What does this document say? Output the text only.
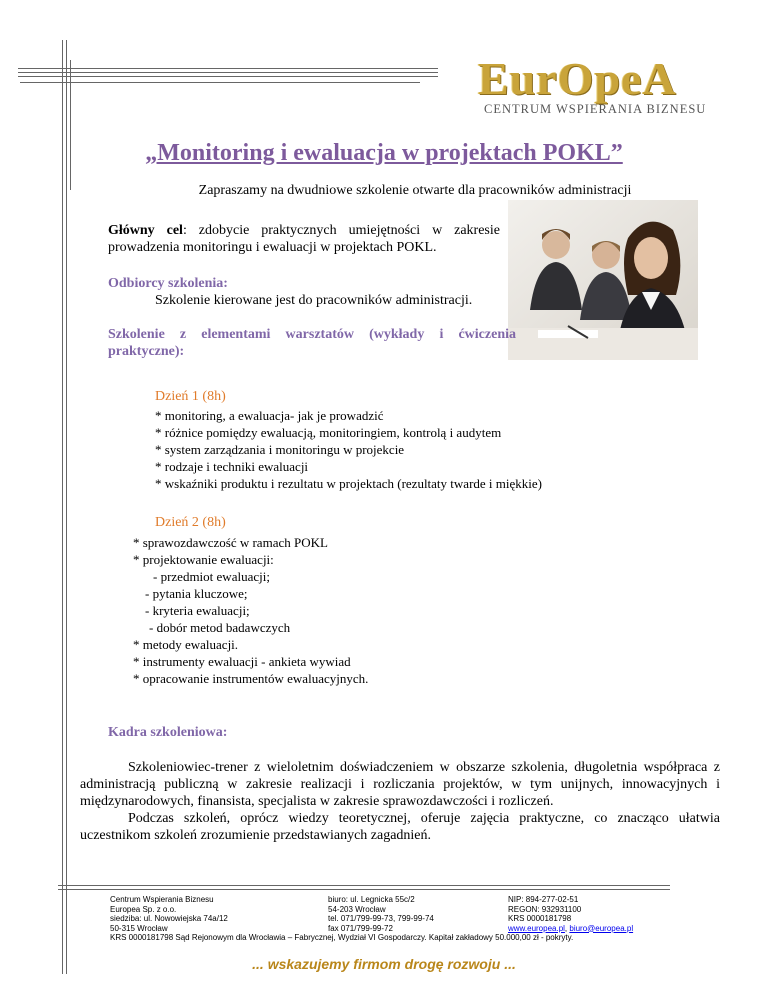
EurOpeA
CENTRUM WSPIERANIA BIZNESU
„Monitoring i ewaluacja w projektach POKL”
Zapraszamy na dwudniowe szkolenie otwarte dla pracowników administracji
Główny cel: zdobycie praktycznych umiejętności w zakresie prowadzenia monitoringu i ewaluacji w projektach POKL.
Odbiorcy szkolenia:
Szkolenie kierowane jest do pracowników administracji.
Szkolenie z elementami warsztatów (wykłady i ćwiczenia
praktyczne):
Dzień 1 (8h)
* monitoring, a ewaluacja- jak je prowadzić
* różnice pomiędzy ewaluacją, monitoringiem, kontrolą i audytem
* system zarządzania i monitoringu w projekcie
* rodzaje i techniki ewaluacji
* wskaźniki produktu i rezultatu w projektach (rezultaty twarde i miękkie)
Dzień 2 (8h)
* sprawozdawczość w ramach POKL
* projektowanie ewaluacji:
- przedmiot ewaluacji;
- pytania kluczowe;
- kryteria ewaluacji;
- dobór metod badawczych
* metody ewaluacji.
* instrumenty ewaluacji - ankieta wywiad
* opracowanie instrumentów ewaluacyjnych.
Kadra szkoleniowa:

Szkoleniowiec-trener z wieloletnim doświadczeniem w obszarze szkolenia, długoletnia współpraca z administracją publiczną w zakresie realizacji i rozliczania projektów, w tym unijnych, innowacyjnych i międzynarodowych, finansista, specjalista w zakresie sprawozdawczości i rozliczeń.

Podczas szkoleń, oprócz wiedzy teoretycznej, oferuje zajęcia praktyczne, co znacząco ułatwia uczestnikom szkoleń zrozumienie przedstawianych zagadnień.

Centrum Wspierania Biznesu
Europea Sp. z o.o.
siedziba: ul. Nowowiejska 74a/12
50-315 Wrocław
biuro: ul. Legnicka 55c/2
54-203 Wrocław
tel. 071/799-99-73, 799-99-74
fax 071/799-99-72
NIP: 894-277-02-51
REGON: 932931100
KRS 0000181798
www.europea.pl, biuro@europea.pl
KRS 0000181798 Sąd Rejonowym dla Wrocławia – Fabrycznej, Wydział VI Gospodarczy. Kapitał zakładowy 50.000,00 zł - pokryty.
... wskazujemy firmom drogę rozwoju ...
